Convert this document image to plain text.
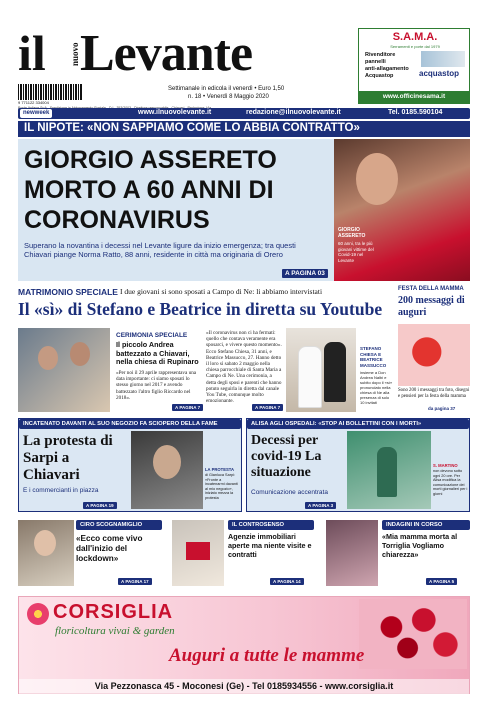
il	nuovo Levante
9 771122 334004
Settimanale in edicola il venerdì • Euro 1,50
n. 18 • Venerdì 8 Maggio 2020
S.A.M.A.
Serramenti e porte dal 1979
Rivenditore
pannelli
anti-allagamento
Acquastop	acquastop
www.officinesama.it
newweek	www.ilnuovolevante.it	redazione@ilnuovolevante.it	Tel. 0185.590104
IL NIPOTE: «NON SAPPIAMO COME LO ABBIA CONTRATTO»
GIORGIO ASSERETO MORTO A 60 ANNI DI CORONAVIRUS
Superano la novantina i decessi nel Levante ligure da inizio emergenza; tra questi Chiavari piange Norma Ratto, 88 anni, residente in città ma originaria di Orero
GIORGIO ASSERETO
60 anni, tra le più giovani vittime del Covid-19 nel Levante
A PAGINA 03
MATRIMONIO SPECIALE I due giovani si sono sposati a Campo di Ne: li abbiamo intervistati
Il «sì» di Stefano e Beatrice in diretta su Youtube
CERIMONIA SPECIALE
Il piccolo Andrea battezzato a Chiavari, nella chiesa di Rupinaro
«Per noi il 29 aprile rappresentava una data importante: ci siamo sposati lo stesso giorno nel 2017 e avendo battezzato l'altro figlio Riccardo nel 2018».
A PAGINA 7
«Il coronavirus non ci ha fermati: quello che contava veramente era sposarci, e vivere questo momento». Ecco Stefano Chiesa, 31 anni, e Beatrice Massucco, 27. Hanno detto il loro sì sabato 2 maggio nella chiesa parrocchiale di Santa Maria a Campo di Ne. Una cerimonia, a detta degli sposi e parenti che hanno potuto seguirla in diretta dal canale You Tube, comunque molto emozionante.
A PAGINA 7
STEFANO CHIESA E BEATRICE MASSUCCO
insieme a Don Andrea Nalbi e subito dopo il «sì» pronunciato nella chiesa di Ne alla presenza di solo 10 invitati
FESTA DELLA MAMMA
200 messaggi di auguri
Sono 200 i messaggi tra foto, disegni e pensieri per la festa della mamma
da pagina 37
INCATENATO DAVANTI AL SUO NEGOZIO FA SCIOPERO DELLA FAME
La protesta di Sarpi a Chiavari
E i commercianti in piazza
LA PROTESTA
di Gianluca Sarpi: «Fronte a incatenarmi davanti al mio negozio», iniziato mezza la protesta
A PAGINA 19
ALISA AGLI OSPEDALI: «STOP AI BOLLETTINI CON I MORTI»
Decessi per covid-19 La situazione
Comunicazione accentrata
S. MARTINO
non devono sotto ogni 20 ore. Per Alisa modifica la comunicazione dei morti giornalieri per i giorni
A PAGINA 3
CIRO SCOGNAMIGLIO
«Ecco come vivo dall'inizio del lockdown»
A PAGINA 17
IL CONTROSENSO
Agenzie immobiliari aperte ma niente visite e contratti
A PAGINA 14
INDAGINI IN CORSO
«Mia mamma morta al Torriglia Vogliamo chiarezza»
A PAGINA 5
CORSIGLIA
floricoltura vivai & garden
Auguri a tutte le mamme
Via Pezzonasca 45 - Moconesi (Ge) - Tel 0185934556 - www.corsiglia.it
